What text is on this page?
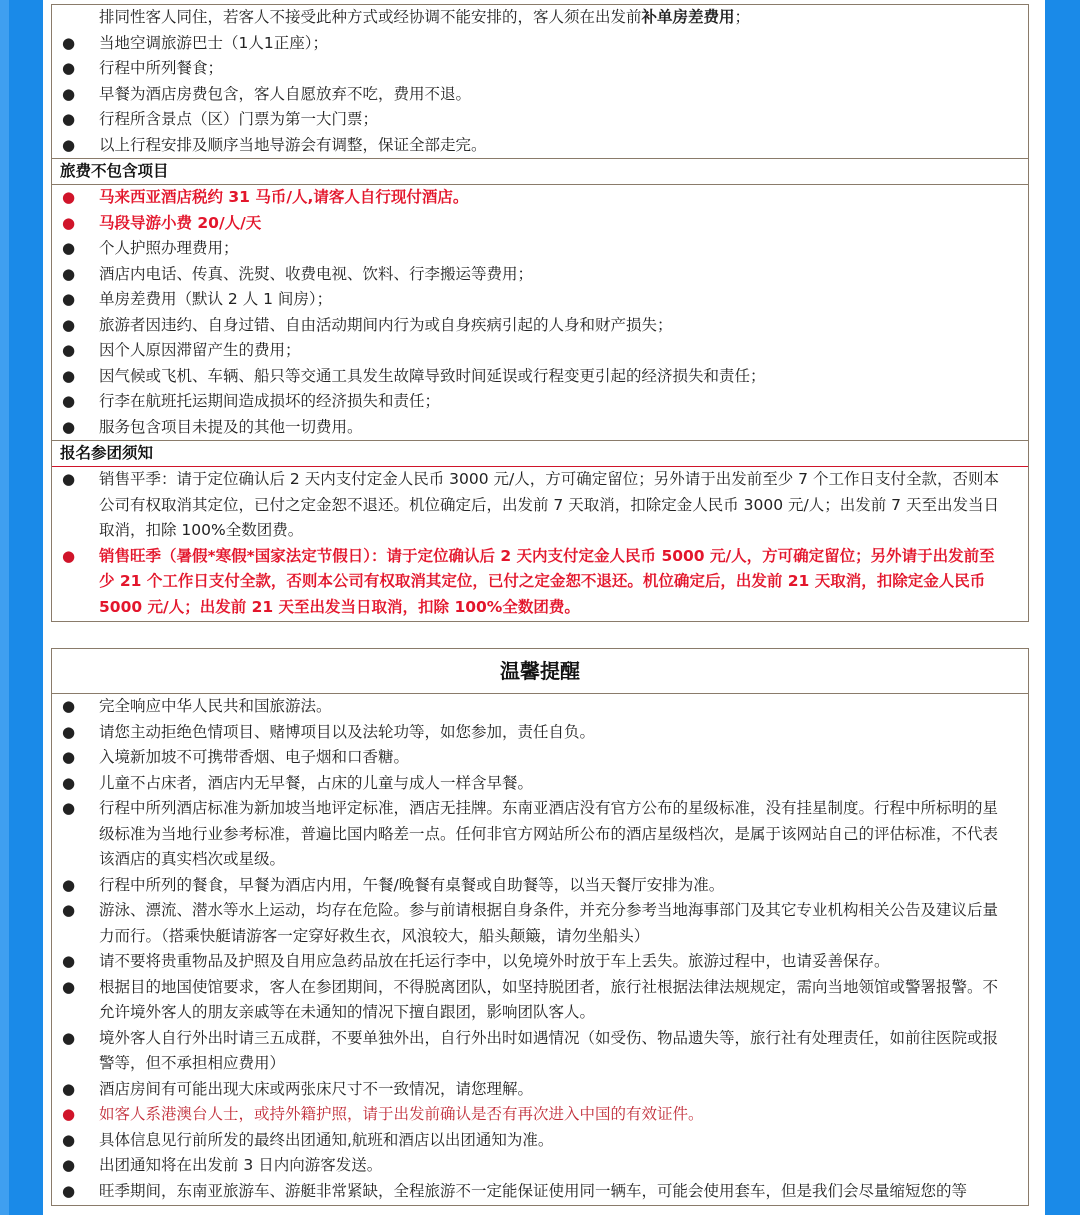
排同性客人同住，若客人不接受此种方式或经协调不能安排的，客人须在出发前补单房差费用；
● 当地空调旅游巴士（1人1正座）；
● 行程中所列餐食；
● 早餐为酒店房费包含，客人自愿放弃不吃，费用不退。
● 行程所含景点（区）门票为第一大门票；
● 以上行程安排及顺序当地导游会有调整，保证全部走完。
旅费不包含项目
● 马来西亚酒店税约 31 马币/人,请客人自行现付酒店。
● 马段导游小费 20/人/天
● 个人护照办理费用；
● 酒店内电话、传真、洗熨、收费电视、饮料、行李搬运等费用；
● 单房差费用（默认 2 人 1 间房）；
● 旅游者因违约、自身过错、自由活动期间内行为或自身疾病引起的人身和财产损失；
● 因个人原因滞留产生的费用；
● 因气候或飞机、车辆、船只等交通工具发生故障导致时间延误或行程变更引起的经济损失和责任；
● 行李在航班托运期间造成损坏的经济损失和责任；
● 服务包含项目未提及的其他一切费用。
报名参团须知
● 销售平季：请于定位确认后 2 天内支付定金人民币 3000 元/人，方可确定留位；另外请于出发前至少 7 个工作日支付全款，否则本公司有权取消其定位，已付之定金恕不退还。机位确定后，出发前 7 天取消，扣除定金人民币 3000 元/人；出发前 7 天至出发当日取消，扣除 100%全数团费。
● 销售旺季（暑假*寒假*国家法定节假日）：请于定位确认后 2 天内支付定金人民币 5000 元/人，方可确定留位；另外请于出发前至少 21 个工作日支付全款，否则本公司有权取消其定位，已付之定金恕不退还。机位确定后，出发前 21 天取消，扣除定金人民币 5000 元/人；出发前 21 天至出发当日取消，扣除 100%全数团费。
温馨提醒
● 完全响应中华人民共和国旅游法。
● 请您主动拒绝色情项目、赌博项目以及法轮功等，如您参加，责任自负。
● 入境新加坡不可携带香烟、电子烟和口香糖。
● 儿童不占床者，酒店内无早餐，占床的儿童与成人一样含早餐。
● 行程中所列酒店标准为新加坡当地评定标准，酒店无挂牌。东南亚酒店没有官方公布的星级标准，没有挂星制度。行程中所标明的星级标准为当地行业参考标准，普遍比国内略差一点。任何非官方网站所公布的酒店星级档次，是属于该网站自己的评估标准，不代表该酒店的真实档次或星级。
● 行程中所列的餐食，早餐为酒店内用，午餐/晚餐有桌餐或自助餐等，以当天餐厅安排为准。
● 游泳、漂流、潜水等水上运动，均存在危险。参与前请根据自身条件，并充分参考当地海事部门及其它专业机构相关公告及建议后量力而行。（搭乘快艇请游客一定穿好救生衣，风浪较大，船头颠簸，请勿坐船头）
● 请不要将贵重物品及护照及自用应急药品放在托运行李中，以免境外时放于车上丢失。旅游过程中，也请妥善保存。
● 根据目的地国使馆要求，客人在参团期间，不得脱离团队，如坚持脱团者，旅行社根据法律法规规定，需向当地领馆或警署报警。不允许境外客人的朋友亲戚等在未通知的情况下擅自跟团，影响团队客人。
● 境外客人自行外出时请三五成群，不要单独外出，自行外出时如遇情况（如受伤、物品遗失等，旅行社有处理责任，如前往医院或报警等，但不承担相应费用）
● 酒店房间有可能出现大床或两张床尺寸不一致情况，请您理解。
● 如客人系港澳台人士，或持外籍护照，请于出发前确认是否有再次进入中国的有效证件。
● 具体信息见行前所发的最终出团通知,航班和酒店以出团通知为准。
● 出团通知将在出发前 3 日内向游客发送。
● 旺季期间，东南亚旅游车、游艇非常紧缺，全程旅游不一定能保证使用同一辆车，可能会使用套车，但是我们会尽量缩短您的等
